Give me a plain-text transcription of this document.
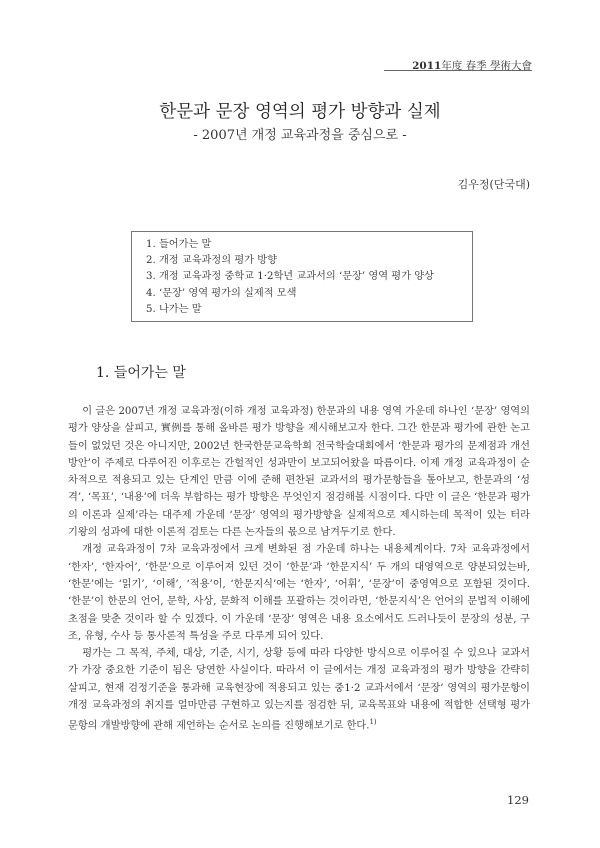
2011年度 春季 學術大會
한문과 문장 영역의 평가 방향과 실제
- 2007년 개정 교육과정을 중심으로 -
김우정(단국대)
1. 들어가는 말
2. 개정 교육과정의 평가 방향
3. 개정 교육과정 중학교 1·2학년 교과서의 ‘문장’ 영역 평가 양상
4. ‘문장’ 영역 평가의 실제적 모색
5. 나가는 말
1. 들어가는 말

이 글은 2007년 개정 교육과정(이하 개정 교육과정) 한문과의 내용 영역 가운데 하나인 ‘문장’ 영역의 평가 양상을 살피고, 實例를 통해 올바른 평가 방향을 제시해보고자 한다. 그간 한문과 평가에 관한 논고들이 없었던 것은 아니지만, 2002년 한국한문교육학회 전국학술대회에서 ‘한문과 평가의 문제점과 개선 방안’이 주제로 다루어진 이후로는 간헐적인 성과만이 보고되어왔을 따름이다. 이제 개정 교육과정이 순차적으로 적용되고 있는 단계인 만큼 이에 준해 편찬된 교과서의 평가문항들을 톺아보고, 한문과의 ‘성격’, ‘목표’, ‘내용’에 더욱 부합하는 평가 방향은 무엇인지 점검해볼 시점이다. 다만 이 글은 ‘한문과 평가의 이론과 실제’라는 대주제 가운데 ‘문장’ 영역의 평가방향을 실제적으로 제시하는데 목적이 있는 터라 기왕의 성과에 대한 이론적 검토는 다른 논자들의 몫으로 남겨두기로 한다.

개정 교육과정이 7차 교육과정에서 크게 변화된 점 가운데 하나는 내용체계이다. 7차 교육과정에서 ‘한자’, ‘한자어’, ‘한문’으로 이루어져 있던 것이 ‘한문’과 ‘한문지식’ 두 개의 대영역으로 양분되었는바, ‘한문’에는 ‘읽기’, ‘이해’, ‘적용’이, ‘한문지식’에는 ‘한자’, ‘어휘’, ‘문장’이 중영역으로 포함된 것이다. ‘한문’이 한문의 언어, 문학, 사상, 문화적 이해를 포괄하는 것이라면, ‘한문지식’은 언어의 문법적 이해에 초점을 맞춘 것이라 할 수 있겠다. 이 가운데 ‘문장’ 영역은 내용 요소에서도 드러나듯이 문장의 성분, 구조, 유형, 수사 등 통사론적 특성을 주로 다루게 되어 있다.

평가는 그 목적, 주체, 대상, 기준, 시기, 상황 등에 따라 다양한 방식으로 이루어질 수 있으나 교과서가 가장 중요한 기준이 됨은 당연한 사실이다. 따라서 이 글에서는 개정 교육과정의 평가 방향을 간략히 살피고, 현재 검정기준을 통과해 교육현장에 적용되고 있는 중1·2 교과서에서 ‘문장’ 영역의 평가문항이 개정 교육과정의 취지를 얼마만큼 구현하고 있는지를 점검한 뒤, 교육목표와 내용에 적합한 선택형 평가문항의 개발방향에 관해 제언하는 순서로 논의를 진행해보기로 한다.$^{1)}$

129
